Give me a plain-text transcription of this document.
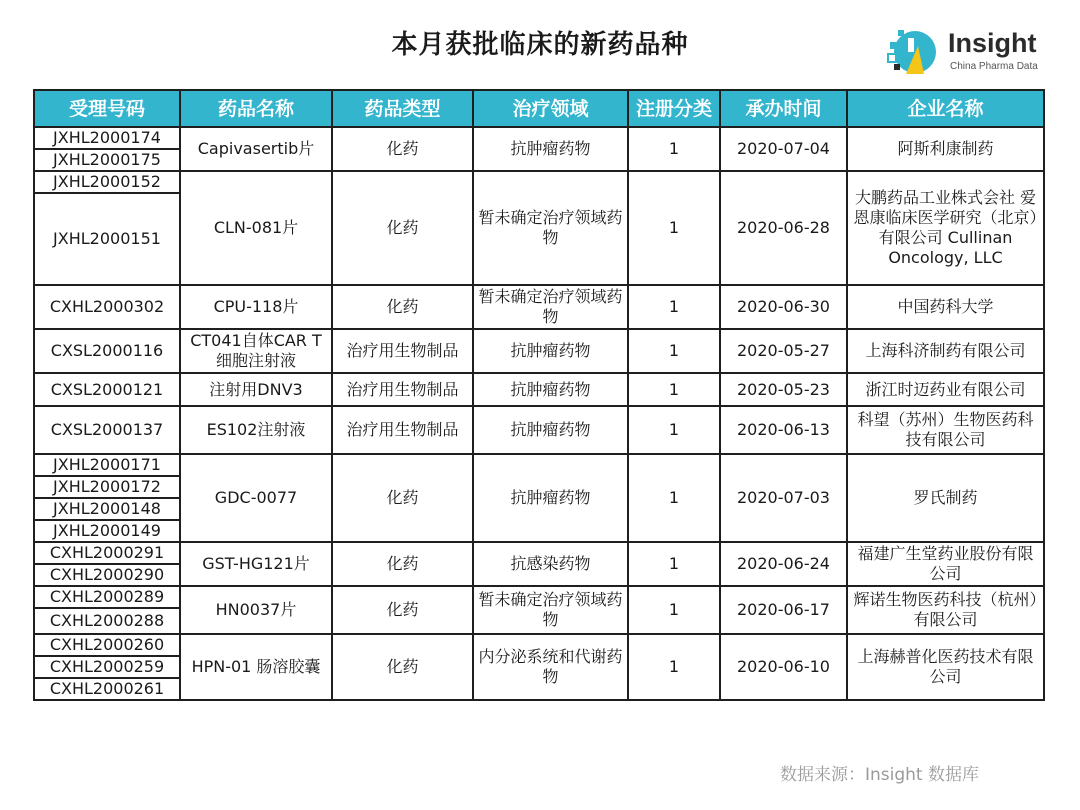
本月获批临床的新药品种	Insight
China Pharma Data
受理号码	药品名称	药品类型	治疗领域	注册分类	承办时间	企业名称
JXHL2000174	Capivasertib片	化药	抗肿瘤药物	1	2020-07-04	阿斯利康制药
JXHL2000175						
JXHL2000152	CLN-081片	化药	暂未确定治疗领域药物	1	2020-06-28	大鹏药品工业株式会社 爱恩康临床医学研究（北京）有限公司 Cullinan Oncology, LLC
JXHL2000151						
CXHL2000302	CPU-118片	化药	暂未确定治疗领域药物	1	2020-06-30	中国药科大学
CXSL2000116	CT041自体CAR T细胞注射液	治疗用生物制品	抗肿瘤药物	1	2020-05-27	上海科济制药有限公司
CXSL2000121	注射用DNV3	治疗用生物制品	抗肿瘤药物	1	2020-05-23	浙江时迈药业有限公司
CXSL2000137	ES102注射液	治疗用生物制品	抗肿瘤药物	1	2020-06-13	科望（苏州）生物医药科技有限公司
JXHL2000171	GDC-0077	化药	抗肿瘤药物	1	2020-07-03	罗氏制药
JXHL2000172						
JXHL2000148						
JXHL2000149						
CXHL2000291	GST-HG121片	化药	抗感染药物	1	2020-06-24	福建广生堂药业股份有限公司
CXHL2000290						
CXHL2000289	HN0037片	化药	暂未确定治疗领域药物	1	2020-06-17	辉诺生物医药科技（杭州）有限公司
CXHL2000288						
CXHL2000260	HPN-01 肠溶胶囊	化药	内分泌系统和代谢药物	1	2020-06-10	上海赫普化医药技术有限公司
CXHL2000259						
CXHL2000261						
数据来源：Insight 数据库
